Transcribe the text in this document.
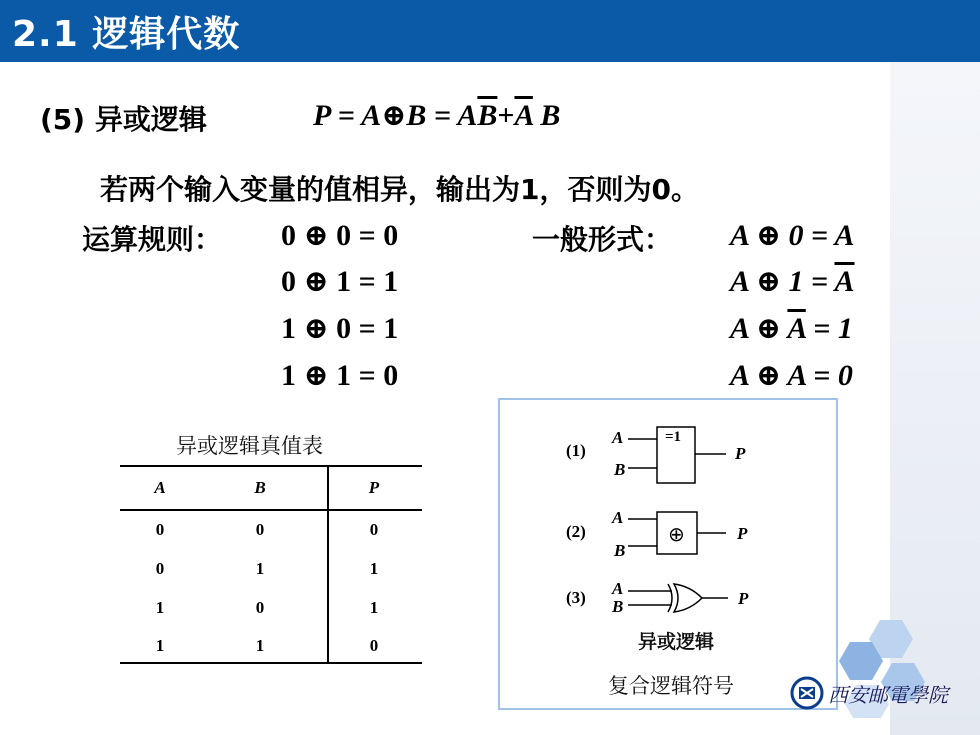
2.1 逻辑代数
(5) 异或逻辑	P = A⊕B = $A\overline{B}+\overline{A}$ B
若两个输入变量的值相异，输出为1，否则为0。
运算规则： 0 ⊕ 0 = 0
0 ⊕ 1 = 1
1 ⊕ 0 = 1
1 ⊕ 1 = 0
一般形式： A ⊕ 0 = A
A ⊕ $1 = \overline{A}$
A ⊕ $\overline{A} = 1$
A ⊕ A = 0
异或逻辑真值表
A	B	P
0	0	0
0	1	1
1	0	1
1	1	0
(1)
A
B
=1
P
(2)
A
B
⊕	P
(3) A
B	P
异或逻辑
复合逻辑符号	西安邮電學院
